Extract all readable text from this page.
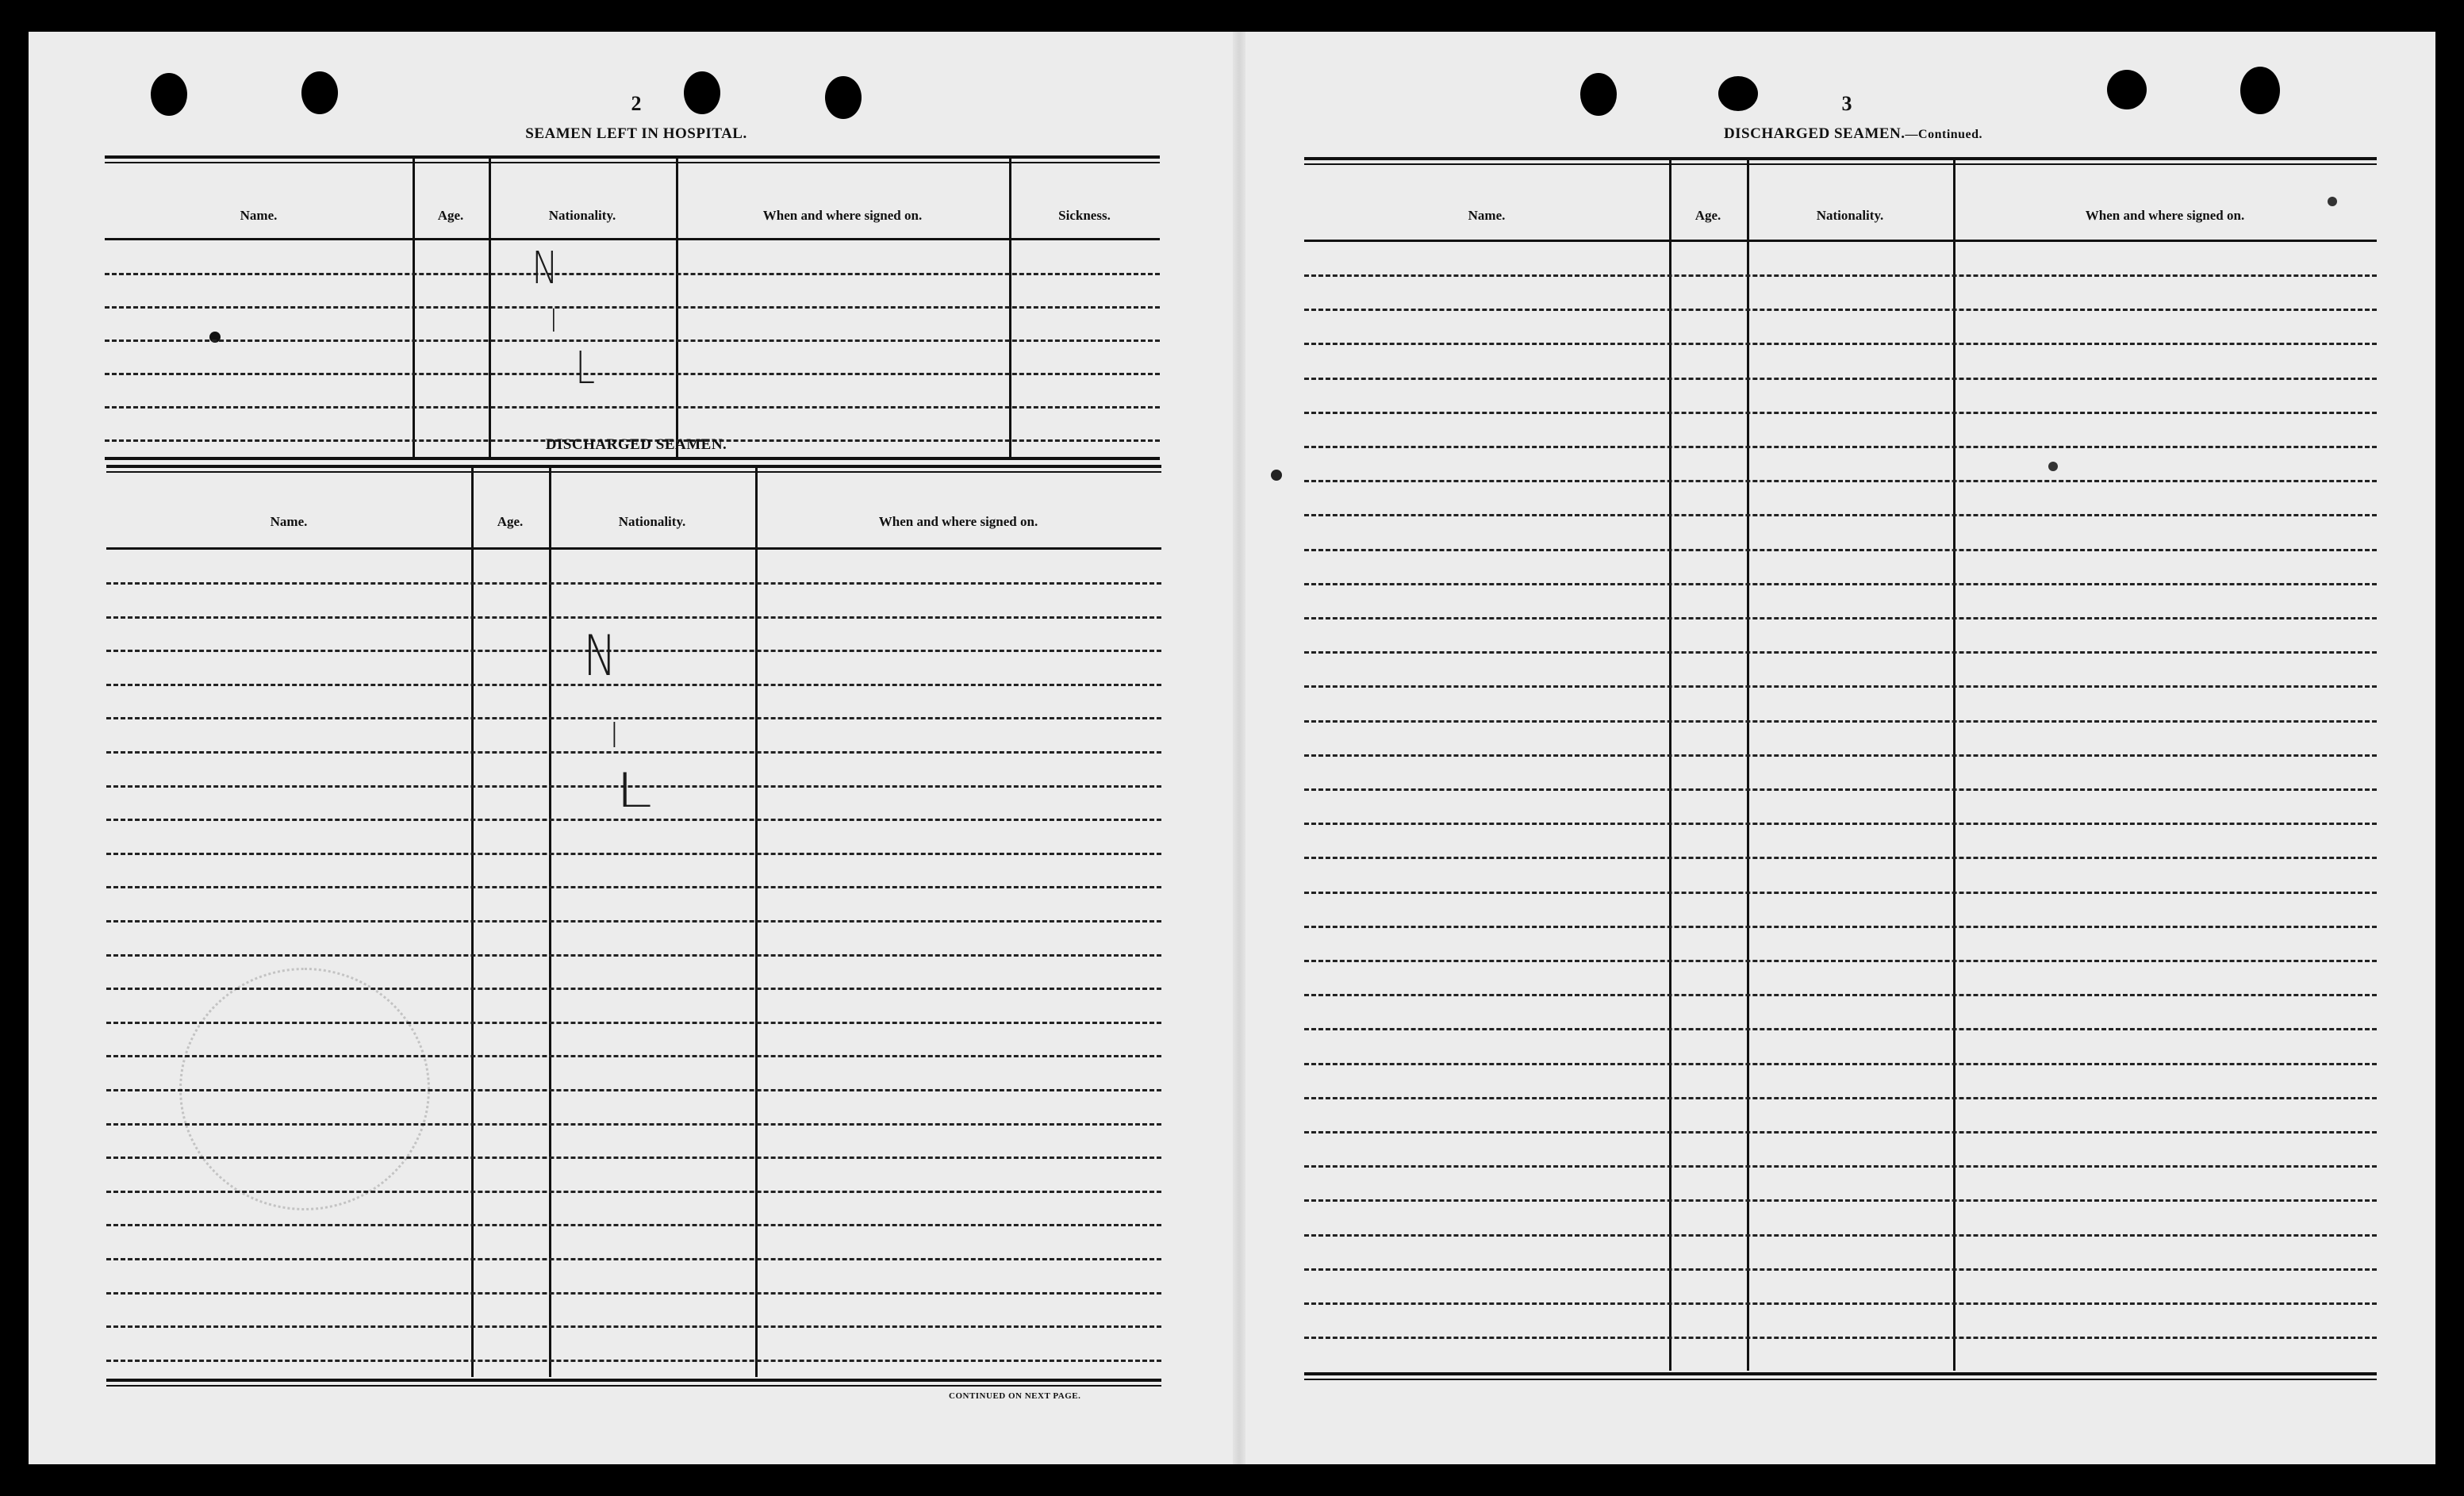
2
SEAMEN LEFT IN HOSPITAL.
Name.	Age.	Nationality.	When and where signed on.	Sickness.
N
I
L
DISCHARGED SEAMEN.
Name.	Age.	Nationality.	When and where signed on.
N
I
L
CONTINUED ON NEXT PAGE.
3
DISCHARGED SEAMEN.—Continued.
Name.	Age.	Nationality.	When and where signed on.
